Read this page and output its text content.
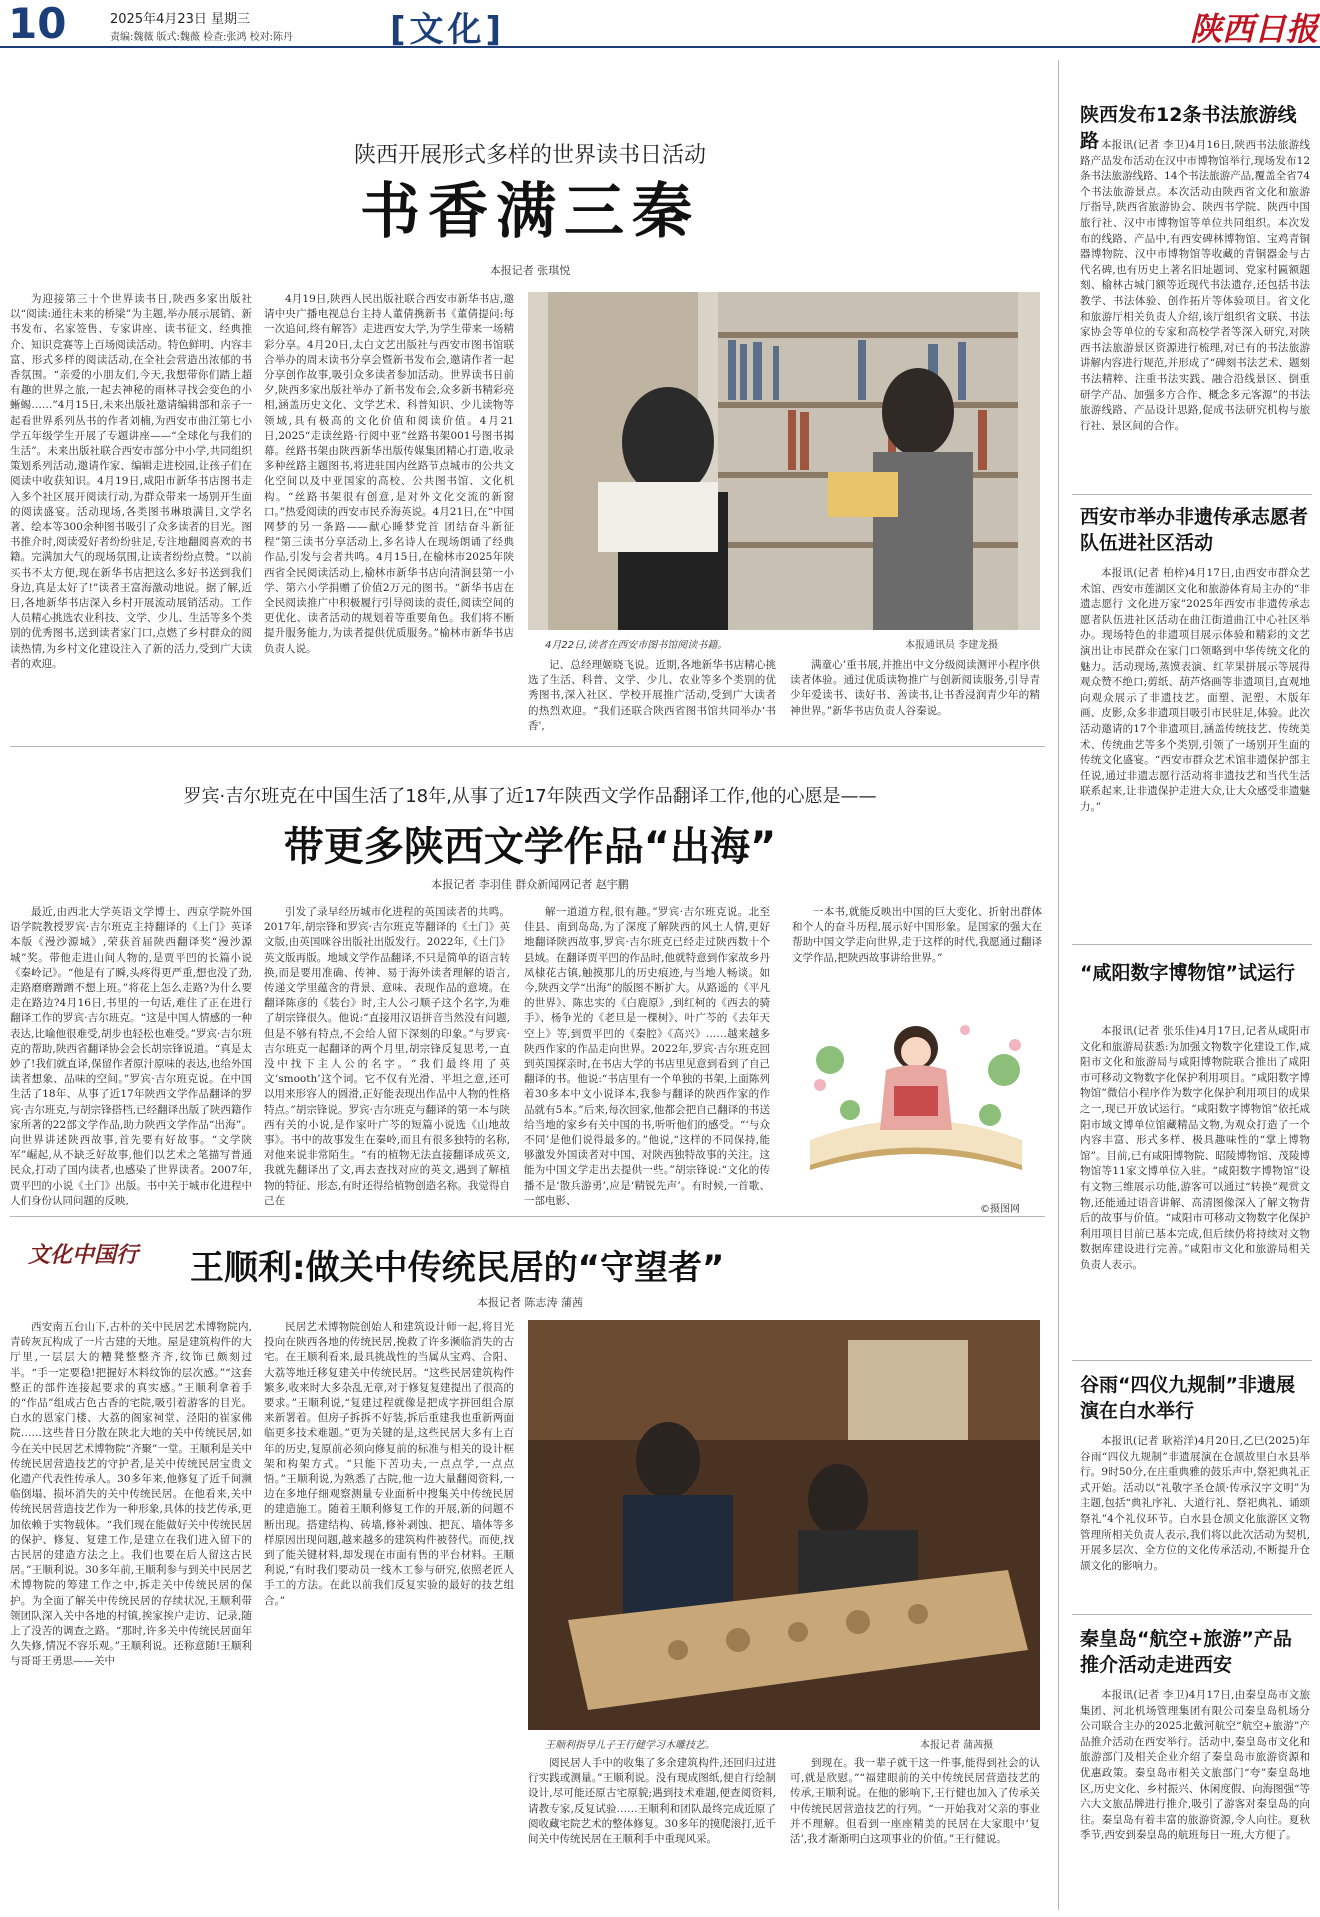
10	2025年4月23日 星期三
责编:魏薇 版式:魏薇 检查:张鸿 校对:陈丹	[文化]	陕西日报
陕西开展形式多样的世界读书日活动
书香满三秦
本报记者 张琪悦

为迎接第三十个世界读书日,陕西多家出版社以“阅读:通往未来的桥梁”为主题,举办展示展销、新书发布、名家签售、专家讲座、读书征文、经典推介、知识竞赛等上百场阅读活动。特色鲜明、内容丰富、形式多样的阅读活动,在全社会营造出浓郁的书香氛围。“亲爱的小朋友们,今天,我想带你们踏上超有趣的世界之旅,一起去神秘的雨林寻找会变色的小蜥蜴……”4月15日,未来出版社邀请编辑部和亲子一起看世界系列丛书的作者刘楠,为西安市曲江第七小学五年级学生开展了专题讲座——“全球化与我们的生活”。未来出版社联合西安市部分中小学,共同组织策划系列活动,邀请作家、编辑走进校园,让孩子们在阅读中收获知识。4月19日,咸阳市新华书店图书走入多个社区展开阅读行动,为群众带来一场别开生面的阅读盛宴。活动现场,各类图书琳琅满目,文学名著、绘本等300余种图书吸引了众多读者的目光。图书推介时,阅读爱好者纷纷驻足,专注地翻阅喜欢的书籍。完满加大气的现场氛围,让读者纷纷点赞。“以前买书不太方便,现在新华书店把这么多好书送到我们身边,真是太好了!”读者王富海激动地说。据了解,近日,各地新华书店深入乡村开展流动展销活动。工作人员精心挑选农业科技、文学、少儿、生活等多个类别的优秀图书,送到读者家门口,点燃了乡村群众的阅读热情,为乡村文化建设注入了新的活力,受到广大读者的欢迎。

4月19日,陕西人民出版社联合西安市新华书店,邀请中央广播电视总台主持人董倩携新书《董倩提问:每一次追问,终有解答》走进西安大学,为学生带来一场精彩分享。4月20日,太白文艺出版社与西安市图书馆联合举办的周末读书分享会暨新书发布会,邀请作者一起分享创作故事,吸引众多读者参加活动。世界读书日前夕,陕西多家出版社举办了新书发布会,众多新书精彩亮相,涵盖历史文化、文学艺术、科普知识、少儿读物等领域,具有极高的文化价值和阅读价值。4月21日,2025“走读丝路·行阅中亚”丝路书架001号图书揭幕。丝路书架由陕西新华出版传媒集团精心打造,收录多种丝路主题图书,将进驻国内丝路节点城市的公共文化空间以及中亚国家的高校、公共图书馆、文化机构。“丝路书架很有创意,是对外文化交流的新窗口。”热爱阅读的西安市民乔海英说。4月21日,在“中国网梦的另一条路——献心睡梦党首 团结奋斗新征程”第三读书分享活动上,多名诗人在现场朗诵了经典作品,引发与会者共鸣。4月15日,在榆林市2025年陕西省全民阅读活动上,榆林市新华书店向清涧县第一小学、第六小学捐赠了价值2万元的图书。“新华书店在全民阅读推广中积极履行引导阅读的责任,阅读空间的更优化、读者活动的规划着等重要角色。我们将不断提升服务能力,为读者提供优质服务。”榆林市新华书店负责人说。	4月22日,读者在西安市图书馆阅读书籍。	本报通讯员 李建龙摄

记、总经理姬晓飞说。近期,各地新华书店精心挑选了生活、科普、文学、少儿、农业等多个类别的优秀图书,深入社区、学校开展推广活动,受到广大读者的热烈欢迎。“我们还联合陕西省图书馆共同举办‘书香',

满童心’重书展,并推出中文分级阅读测评小程序供读者体验。通过优质读物推广与创新阅读服务,引导青少年爱读书、读好书、善读书,让书香浸润青少年的精神世界。”新华书店负责人谷秦说。

罗宾·吉尔班克在中国生活了18年,从事了近17年陕西文学作品翻译工作,他的心愿是——
带更多陕西文学作品“出海”
本报记者 李羽佳 群众新闻网记者 赵宇鹏

最近,由西北大学英语文学博士、西京学院外国语学院教授罗宾·吉尔班克主持翻译的《上门》英译本版《漫沙源城》,荣获首届陕西翻译奖“漫沙源城”奖。带他走进山间人物的,是贾平凹的长篇小说《秦岭记》。“他是有了瞬,头疼得更严重,想也没了劲,走路磨磨蹭蹭不想上班。”将花上怎么走路?为什么要走在路边?4月16日,书里的一句话,难住了正在进行翻译工作的罗宾·吉尔班克。“这是中国人情感的一种表达,比喻他很难受,胡步也轻松也难受。”罗宾·吉尔班克的帮助,陕西省翻译协会会长胡宗锋说道。“真是太妙了!我们就直译,保留作者原汁原味的表达,也给外国读者想象、品味的空间。”罗宾·吉尔班克说。在中国生活了18年、从事了近17年陕西文学作品翻译的罗宾·吉尔班克,与胡宗锋搭档,已经翻译出版了陕西籍作家所著的22部文学作品,助力陕西文学作品“出海”。向世界讲述陕西故事,首先要有好故事。“文学陕军”崛起,从不缺乏好故事,他们以艺术之笔描写普通民众,打动了国内读者,也感染了世界读者。2007年,贾平凹的小说《土门》出版。书中关于城市化进程中人们身份认同问题的反映,

引发了录早经历城市化进程的英国读者的共鸣。2017年,胡宗锋和罗宾·吉尔班克等翻译的《土门》英文版,由英国咪谷出版社出版发行。2022年,《土门》英文版再版。地域文学作品翻译,不只是简单的语言转换,而是要用准确、传神、易于海外读者理解的语言,传递文学里蕴含的背景、意味、表现作品的意境。在翻译陈彦的《装台》时,主人公刁顺子这个名字,为难了胡宗锋很久。他说:“直接用汉语拼音当然没有问题,但是不够有特点,不会给人留下深刻的印象。”与罗宾·吉尔班克一起翻译的两个月里,胡宗锋反复思考,一直没中找下主人公的名字。“我们最终用了英文‘smooth’这个词。它不仅有光滑、平坦之意,还可以用来形容人的圆滑,正好能表现出作品中人物的性格特点。”胡宗锋说。罗宾·吉尔班克与翻译的第一本与陕西有关的小说,是作家叶广芩的短篇小说选《山地故事》。书中的故事发生在秦岭,而且有很多独特的名称,对他来说非常陌生。“有的植物无法直接翻译成英文,我就先翻译出了文,再去查找对应的英文,遇到了解植物的特征、形态,有时还得给植物创造名称。我觉得自己在

解一道道方程,很有趣。”罗宾·吉尔班克说。北至佳县、南到岛岛,为了深度了解陕西的风土人情,更好地翻译陕西故事,罗宾·吉尔班克已经走过陕西数十个县域。在翻译贾平凹的作品时,他就特意到作家故乡丹凤棣花古镇,触摸那儿的历史痕迹,与当地人畅谈。如今,陕西文学“出海”的版图不断扩大。从路遥的《平凡的世界》、陈忠实的《白鹿原》,到红柯的《西去的骑手》、杨争光的《老旦是一棵树》、叶广芩的《去年天空上》等,到贾平凹的《秦腔》《高兴》……越来越多陕西作家的作品走向世界。2022年,罗宾·吉尔班克回到英国探亲时,在书店大学的书店里见意到看到了自己翻译的书。他说:“书店里有一个单独的书架,上面陈列着30多本中文小说译本,我参与翻译的陕西作家的作品就有5本。”后来,每次回家,他都会把自己翻译的书送给当地的家乡有关中国的书,听听他们的感受。“‘与众不同’是他们说得最多的。”他说,“这样的不同保持,能够激发外国读者对中国、对陕西独特故事的关注。这能为中国文学走出去提供一些。”胡宗锋说:“文化的传播不是‘散兵游勇’,应是‘精锐先声’。有时候,一首歌、一部电影、

一本书,就能反映出中国的巨大变化、折射出群体和个人的奋斗历程,展示好中国形象。是国家的强大在帮助中国文学走向世界,走于这样的时代,我愿通过翻译文学作品,把陕西故事讲给世界。”

©摄图网
文化中国行 王顺利:做关中传统民居的“守望者”
本报记者 陈志涛 蒲茜

西安南五台山下,古朴的关中民居艺术博物院内,青砖灰瓦构成了一片古建的天地。屋是建筑构件的大厅里,一层层大的糟凳整整齐齐,纹饰已颇刻过半。“手一定要稳!把握好木料纹饰的层次感。”“这套整正的部件连接起要求的真实感。”王顺利拿着手的“作品”组成古色古香的宅院,吸引着游客的目光。白水的恩家门楼、大荔的阁家祠堂、泾阳的崔家佛院……这些昔日分散在陕北大地的关中传统民居,如今在关中民居艺术博物院“齐聚”一堂。王顺利是关中传统民居营造技艺的守护者,是关中传统民居宝贵文化遗产代表性传承人。30多年来,他修复了近千间濒临倒塌、损坏消失的关中传统民居。在他看来,关中传统民居营造技艺作为一种形象,具体的技艺传承,更加依赖于实物载体。“我们现在能做好关中传统民居的保护、修复、复建工作,是建立在我们进入留下的古民居的建造方法之上。我们也要在后人留这古民居。”王顺利说。30多年前,王顺利参与到关中民居艺术博物院的筹建工作之中,拆走关中传统民居的保护。为全面了解关中传统民居的存续状况,王顺利带领团队深入关中各地的村镇,挨家挨户走访、记录,随上了没苦的调查之路。“那时,许多关中传统民居面年久失修,情况不容乐观。”王顺利说。还称意随!王顺利与哥哥王勇思——关中

民居艺术博物院创始人和建筑设计师一起,将目光投向在陕西各地的传统民居,挽救了许多濒临消失的古宅。在王顺利看来,最具挑战性的当属从宝鸡、合阳、大荔等地迁移复建关中传统民居。“这些民居建筑构件繁多,收来时大多杂乱无章,对于修复复建提出了很高的要求。”王顺利说,“复建过程就像是把成字拼回组合原来新署着。但房子拆拆不好装,拆后重建我也重新两面临更多技术难题。”更为关键的是,这些民居大多有上百年的历史,复原前必须向修复前的标准与相关的设计框架和构架方式。“只能下苦功夫,一点点学,一点点悟。”王顺利说,为熟悉了古院,他一边大量翻阅资料,一边在多地仔细观察测量专业面析中搜集关中传统民居的建造施工。随着王顺利修复工作的开展,新的问题不断出现。搭建结构、砖墙,修补剥蚀、把瓦、墙体等多样原因出现问题,越来越多的建筑构件被替代。而使,找到了能关键材料,却发现在市面有售的平台材料。王顺利说,“有时我们要动员一线木工参与研究,依照老匠人手工的方法。在此以前我们反复实验的最好的技艺组合。”

王顺利指导儿子王行健学习木雕技艺。	本报记者 蒲茜摄

阅民居人手中的收集了多余建筑构件,还回归过进行实践或测量。”王顺利说。没有现成图纸,便自行绘制设计,尽可能还原古宅原貌;遇到技术难题,便查阅资料,请教专家,反复试验……王顺利和团队最终完成近原了阅收藏宅院艺术的整体修复。30多年的摸爬滚打,近千间关中传统民居在王顺利手中重现风采。

到现在。我一辈子就干这一件事,能得到社会的认可,就是欣慰。”“福建眼前的关中传统民居营造技艺的传承,王顺利说。在他的影响下,王行健也加入了传承关中传统民居营造技艺的行列。“一开始我对父亲的事业并不理解。但看到一座座精美的民居在大家眼中‘复活’,我才渐渐明白这项事业的价值。”王行健说。

陕西发布12条书法旅游线路 本报讯(记者 李卫)4月16日,陕西书法旅游线路产品发布活动在汉中市博物馆举行,现场发布12条书法旅游线路、14个书法旅游产品,覆盖全省74个书法旅游景点。本次活动由陕西省文化和旅游厅指导,陕西省旅游协会、陕西书学院、陕西中国旅行社、汉中市博物馆等单位共同组织。本次发布的线路、产品中,有西安碑林博物馆、宝鸡青铜器博物院、汉中市博物馆等收藏的青铜器金与古代名碑,也有历史上著名旧址题词、党家村匾额题刻、榆林古城门额等近现代书法遗存,还包括书法教学、书法体验、创作拓片等体验项目。省文化和旅游厅相关负责人介绍,该厅组织省文联、书法家协会等单位的专家和高校学者等深入研究,对陕西书法旅游景区资源进行梳理,对已有的书法旅游讲解内容进行规范,并形成了“碑刻书法艺术、题刻书法精粹、注重书法实践、融合沿线景区、倒重研学产品、加强多方合作、概念多元客源”的书法旅游线路、产品设计思路,促成书法研究机构与旅行社、景区间的合作。

西安市举办非遗传承志愿者队伍进社区活动

本报讯(记者 柏梓)4月17日,由西安市群众艺术馆、西安市莲湖区文化和旅游体育局主办的“非遗志愿行 文化进万家”2025年西安市非遗传承志愿者队伍进社区活动在曲江街道曲江中心社区举办。现场特色的非遗项目展示体验和精彩的文艺演出让市民群众在家门口领略到中华传统文化的魅力。活动现场,蒸馍表演、红苹果拼展示等展得观众赞不绝口;剪纸、葫芦烙画等非遗项目,直观地向观众展示了非遗技艺。面塑、泥塑、木版年画、皮影,众多非遗项目吸引市民驻足,体验。此次活动邀请的17个非遗项目,涵盖传统技艺、传统美术、传统曲艺等多个类别,引领了一场别开生面的传统文化盛宴。“西安市群众艺术馆非遗保护部主任说,通过非遗志愿行活动将非遗技艺和当代生活联系起来,让非遗保护走进大众,让大众感受非遗魅力。”

“咸阳数字博物馆”试运行

本报讯(记者 张乐佳)4月17日,记者从咸阳市文化和旅游局获悉:为加强文物数字化建设工作,咸阳市文化和旅游局与咸阳博物院联合推出了咸阳市可移动文物数字化保护利用项目。“咸阳数字博物馆”微信小程序作为数字化保护利用项目的成果之一,现已开放试运行。“咸阳数字博物馆”依托咸阳市域文博单位馆藏精品文物,为观众打造了一个内容丰富、形式多样、极具趣味性的“掌上博物馆”。目前,已有咸阳博物院、昭陵博物馆、茂陵博物馆等11家文博单位入驻。“咸阳数字博物馆”设有文物三维展示功能,游客可以通过“转换”观赏文物,还能通过语音讲解、高清图像深入了解文物背后的故事与价值。“咸阳市可移动文物数字化保护利用项目目前已基本完成,但后续仍将持续对文物数据库建设进行完善。”咸阳市文化和旅游局相关负责人表示。

谷雨“四仪九规制”非遗展演在白水举行

本报讯(记者 耿裕洋)4月20日,乙巳(2025)年谷雨“四仪九规制”非遗展演在仓颉故里白水县举行。9时50分,在庄重典雅的鼓乐声中,祭祀典礼正式开始。活动以“礼敬字圣仓颉·传承汉字文明”为主题,包括“典礼序礼、大道行礼、祭祀典礼、诵颂祭礼”4个礼仪环节。白水县仓颉文化旅游区文物管理所相关负责人表示,我们将以此次活动为契机,开展多层次、全方位的文化传承活动,不断提升仓颉文化的影响力。

秦皇岛“航空+旅游”产品推介活动走进西安

本报讯(记者 李卫)4月17日,由秦皇岛市文旅集团、河北机场管理集团有限公司秦皇岛机场分公司联合主办的2025北戴河航空“航空+旅游”产品推介活动在西安举行。活动中,秦皇岛市文化和旅游部门及相关企业介绍了秦皇岛市旅游资源和优惠政策。秦皇岛市相关文旅部门“夸”秦皇岛地区,历史文化、乡村振兴、休闲度假、向海图强“等六大文旅品牌进行推介,吸引了游客对秦皇岛的向往。秦皇岛有着丰富的旅游资源,令人向往。夏秋季节,西安到秦皇岛的航班每日一班,大方便了。
